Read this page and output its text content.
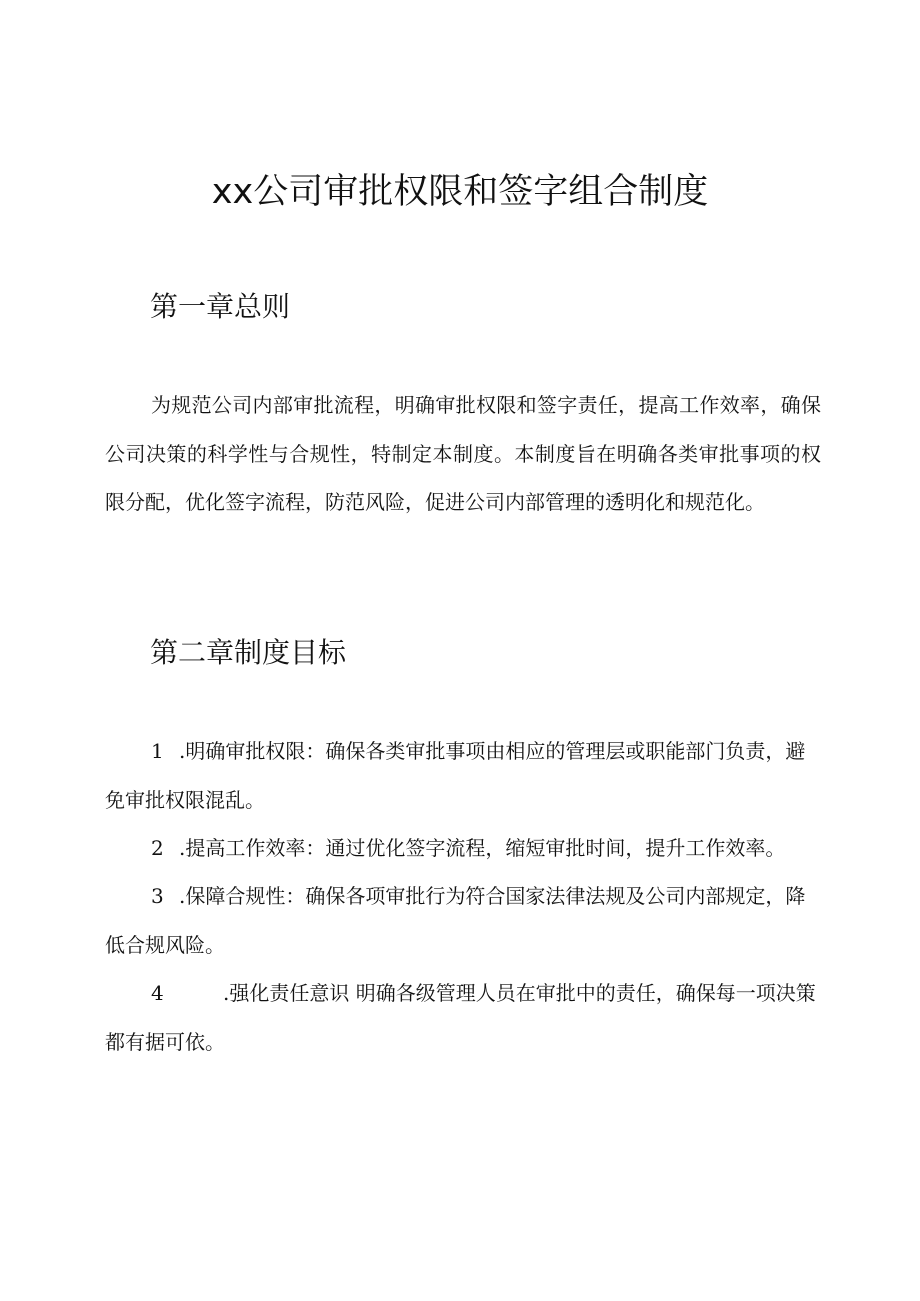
xx公司审批权限和签字组合制度
第一章总则

为规范公司内部审批流程，明确审批权限和签字责任，提高工作效率，确保公司决策的科学性与合规性，特制定本制度。本制度旨在明确各类审批事项的权限分配，优化签字流程，防范风险，促进公司内部管理的透明化和规范化。

第二章制度目标

1 .明确审批权限：确保各类审批事项由相应的管理层或职能部门负责，避免审批权限混乱。

2 .提高工作效率：通过优化签字流程，缩短审批时间，提升工作效率。

3 .保障合规性：确保各项审批行为符合国家法律法规及公司内部规定，降低合规风险。

4	.强化责任意识 明确各级管理人员在审批中的责任，确保每一项决策都有据可依。
